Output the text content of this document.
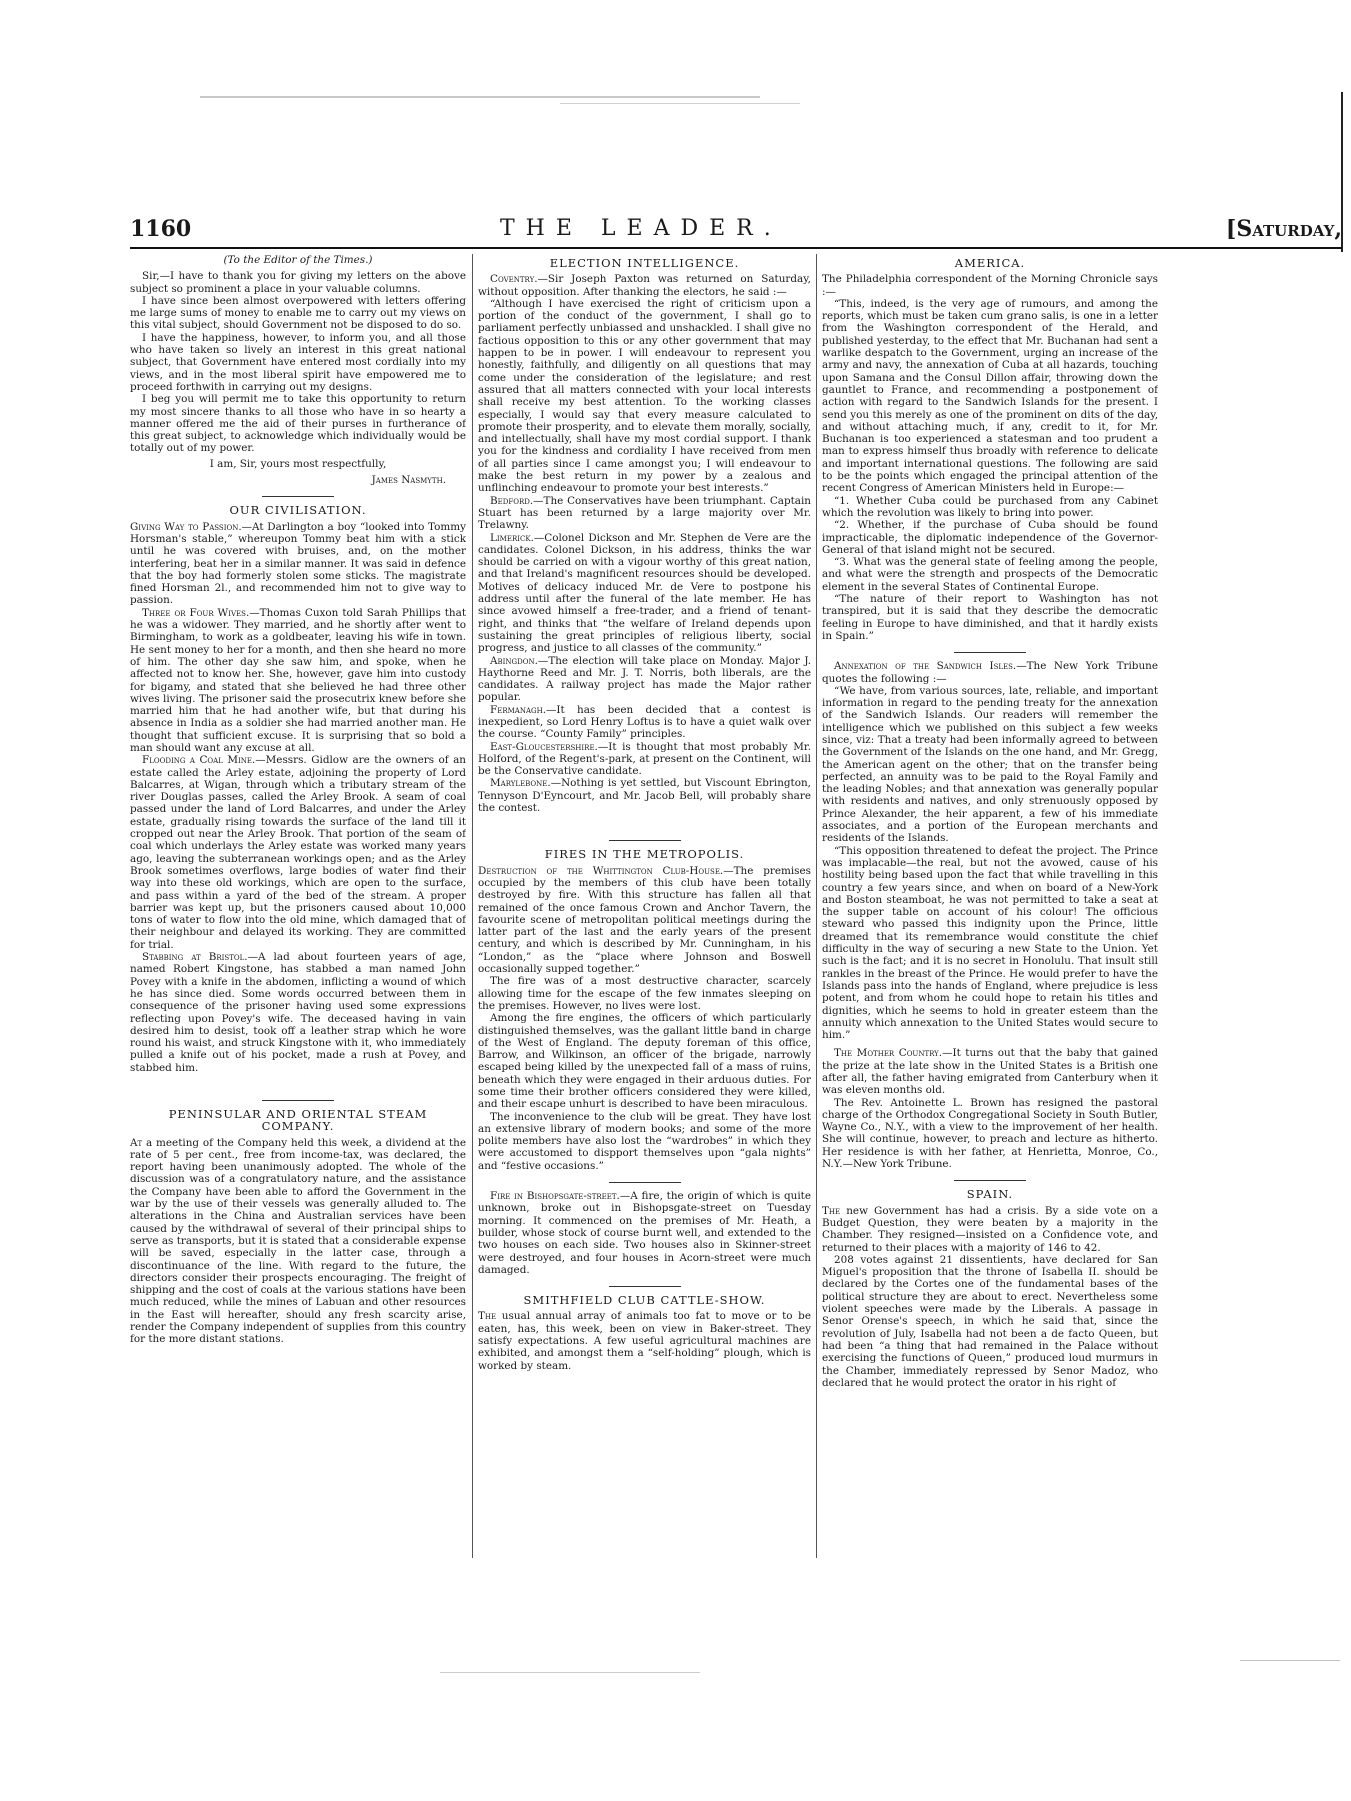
1160	THE LEADER.	[Saturday,
(To the Editor of the Times.)

Sir,—I have to thank you for giving my letters on the above subject so prominent a place in your valuable columns.

I have since been almost overpowered with letters offering me large sums of money to enable me to carry out my views on this vital subject, should Government not be disposed to do so.

I have the happiness, however, to inform you, and all those who have taken so lively an interest in this great national subject, that Government have entered most cordially into my views, and in the most liberal spirit have empowered me to proceed forthwith in carrying out my designs.

I beg you will permit me to take this opportunity to return my most sincere thanks to all those who have in so hearty a manner offered me the aid of their purses in furtherance of this great subject, to acknowledge which individually would be totally out of my power.

I am, Sir, yours most respectfully,
James Nasmyth.
OUR CIVILISATION.

Giving Way to Passion.—At Darlington a boy “looked into Tommy Horsman's stable,” whereupon Tommy beat him with a stick until he was covered with bruises, and, on the mother interfering, beat her in a similar manner. It was said in defence that the boy had formerly stolen some sticks. The magistrate fined Horsman 2l., and recommended him not to give way to passion.

Three or Four Wives.—Thomas Cuxon told Sarah Phillips that he was a widower. They married, and he shortly after went to Birmingham, to work as a goldbeater, leaving his wife in town. He sent money to her for a month, and then she heard no more of him. The other day she saw him, and spoke, when he affected not to know her. She, however, gave him into custody for bigamy, and stated that she believed he had three other wives living. The prisoner said the prosecutrix knew before she married him that he had another wife, but that during his absence in India as a soldier she had married another man. He thought that sufficient excuse. It is surprising that so bold a man should want any excuse at all.

Flooding a Coal Mine.—Messrs. Gidlow are the owners of an estate called the Arley estate, adjoining the property of Lord Balcarres, at Wigan, through which a tributary stream of the river Douglas passes, called the Arley Brook. A seam of coal passed under the land of Lord Balcarres, and under the Arley estate, gradually rising towards the surface of the land till it cropped out near the Arley Brook. That portion of the seam of coal which underlays the Arley estate was worked many years ago, leaving the subterranean workings open; and as the Arley Brook sometimes overflows, large bodies of water find their way into these old workings, which are open to the surface, and pass within a yard of the bed of the stream. A proper barrier was kept up, but the prisoners caused about 10,000 tons of water to flow into the old mine, which damaged that of their neighbour and delayed its working. They are committed for trial.

Stabbing at Bristol.—A lad about fourteen years of age, named Robert Kingstone, has stabbed a man named John Povey with a knife in the abdomen, inflicting a wound of which he has since died. Some words occurred between them in consequence of the prisoner having used some expressions reflecting upon Povey's wife. The deceased having in vain desired him to desist, took off a leather strap which he wore round his waist, and struck Kingstone with it, who immediately pulled a knife out of his pocket, made a rush at Povey, and stabbed him.

PENINSULAR AND ORIENTAL STEAM COMPANY.

At a meeting of the Company held this week, a dividend at the rate of 5 per cent., free from income-tax, was declared, the report having been unanimously adopted. The whole of the discussion was of a congratulatory nature, and the assistance the Company have been able to afford the Government in the war by the use of their vessels was generally alluded to. The alterations in the China and Australian services have been caused by the withdrawal of several of their principal ships to serve as transports, but it is stated that a considerable expense will be saved, especially in the latter case, through a discontinuance of the line. With regard to the future, the directors consider their prospects encouraging. The freight of shipping and the cost of coals at the various stations have been much reduced, while the mines of Labuan and other resources in the East will hereafter, should any fresh scarcity arise, render the Company independent of supplies from this country for the more distant stations.

ELECTION INTELLIGENCE.

Coventry.—Sir Joseph Paxton was returned on Saturday, without opposition. After thanking the electors, he said :—

“Although I have exercised the right of criticism upon a portion of the conduct of the government, I shall go to parliament perfectly unbiassed and unshackled. I shall give no factious opposition to this or any other government that may happen to be in power. I will endeavour to represent you honestly, faithfully, and diligently on all questions that may come under the consideration of the legislature; and rest assured that all matters connected with your local interests shall receive my best attention. To the working classes especially, I would say that every measure calculated to promote their prosperity, and to elevate them morally, socially, and intellectually, shall have my most cordial support. I thank you for the kindness and cordiality I have received from men of all parties since I came amongst you; I will endeavour to make the best return in my power by a zealous and unflinching endeavour to promote your best interests.”

Bedford.—The Conservatives have been triumphant. Captain Stuart has been returned by a large majority over Mr. Trelawny.

Limerick.—Colonel Dickson and Mr. Stephen de Vere are the candidates. Colonel Dickson, in his address, thinks the war should be carried on with a vigour worthy of this great nation, and that Ireland's magnificent resources should be developed. Motives of delicacy induced Mr. de Vere to postpone his address until after the funeral of the late member. He has since avowed himself a free-trader, and a friend of tenant-right, and thinks that “the welfare of Ireland depends upon sustaining the great principles of religious liberty, social progress, and justice to all classes of the community.”

Abingdon.—The election will take place on Monday. Major J. Haythorne Reed and Mr. J. T. Norris, both liberals, are the candidates. A railway project has made the Major rather popular.

Fermanagh.—It has been decided that a contest is inexpedient, so Lord Henry Loftus is to have a quiet walk over the course. “County Family” principles.

East-Gloucestershire.—It is thought that most probably Mr. Holford, of the Regent's-park, at present on the Continent, will be the Conservative candidate.

Marylebone.—Nothing is yet settled, but Viscount Ebrington, Tennyson D'Eyncourt, and Mr. Jacob Bell, will probably share the contest.

FIRES IN THE METROPOLIS.

Destruction of the Whittington Club-House.—The premises occupied by the members of this club have been totally destroyed by fire. With this structure has fallen all that remained of the once famous Crown and Anchor Tavern, the favourite scene of metropolitan political meetings during the latter part of the last and the early years of the present century, and which is described by Mr. Cunningham, in his “London,” as the “place where Johnson and Boswell occasionally supped together.”

The fire was of a most destructive character, scarcely allowing time for the escape of the few inmates sleeping on the premises. However, no lives were lost.

Among the fire engines, the officers of which particularly distinguished themselves, was the gallant little band in charge of the West of England. The deputy foreman of this office, Barrow, and Wilkinson, an officer of the brigade, narrowly escaped being killed by the unexpected fall of a mass of ruins, beneath which they were engaged in their arduous duties. For some time their brother officers considered they were killed, and their escape unhurt is described to have been miraculous.

The inconvenience to the club will be great. They have lost an extensive library of modern books; and some of the more polite members have also lost the “wardrobes” in which they were accustomed to dispport themselves upon “gala nights” and “festive occasions.”

Fire in Bishopsgate-street.—A fire, the origin of which is quite unknown, broke out in Bishopsgate-street on Tuesday morning. It commenced on the premises of Mr. Heath, a builder, whose stock of course burnt well, and extended to the two houses on each side. Two houses also in Skinner-street were destroyed, and four houses in Acorn-street were much damaged.

SMITHFIELD CLUB CATTLE-SHOW.

The usual annual array of animals too fat to move or to be eaten, has, this week, been on view in Baker-street. They satisfy expectations. A few useful agricultural machines are exhibited, and amongst them a “self-holding” plough, which is worked by steam.

AMERICA.

The Philadelphia correspondent of the Morning Chronicle says :—

“This, indeed, is the very age of rumours, and among the reports, which must be taken cum grano salis, is one in a letter from the Washington correspondent of the Herald, and published yesterday, to the effect that Mr. Buchanan had sent a warlike despatch to the Government, urging an increase of the army and navy, the annexation of Cuba at all hazards, touching upon Samana and the Consul Dillon affair, throwing down the gauntlet to France, and recommending a postponement of action with regard to the Sandwich Islands for the present. I send you this merely as one of the prominent on dits of the day, and without attaching much, if any, credit to it, for Mr. Buchanan is too experienced a statesman and too prudent a man to express himself thus broadly with reference to delicate and important international questions. The following are said to be the points which engaged the principal attention of the recent Congress of American Ministers held in Europe:—

“1. Whether Cuba could be purchased from any Cabinet which the revolution was likely to bring into power.

“2. Whether, if the purchase of Cuba should be found impracticable, the diplomatic independence of the Governor-General of that island might not be secured.

“3. What was the general state of feeling among the people, and what were the strength and prospects of the Democratic element in the several States of Continental Europe.

“The nature of their report to Washington has not transpired, but it is said that they describe the democratic feeling in Europe to have diminished, and that it hardly exists in Spain.”

Annexation of the Sandwich Isles.—The New York Tribune quotes the following :—

“We have, from various sources, late, reliable, and important information in regard to the pending treaty for the annexation of the Sandwich Islands. Our readers will remember the intelligence which we published on this subject a few weeks since, viz: That a treaty had been informally agreed to between the Government of the Islands on the one hand, and Mr. Gregg, the American agent on the other; that on the transfer being perfected, an annuity was to be paid to the Royal Family and the leading Nobles; and that annexation was generally popular with residents and natives, and only strenuously opposed by Prince Alexander, the heir apparent, a few of his immediate associates, and a portion of the European merchants and residents of the Islands.

“This opposition threatened to defeat the project. The Prince was implacable—the real, but not the avowed, cause of his hostility being based upon the fact that while travelling in this country a few years since, and when on board of a New-York and Boston steamboat, he was not permitted to take a seat at the supper table on account of his colour! The officious steward who passed this indignity upon the Prince, little dreamed that its remembrance would constitute the chief difficulty in the way of securing a new State to the Union. Yet such is the fact; and it is no secret in Honolulu. That insult still rankles in the breast of the Prince. He would prefer to have the Islands pass into the hands of England, where prejudice is less potent, and from whom he could hope to retain his titles and dignities, which he seems to hold in greater esteem than the annuity which annexation to the United States would secure to him.”

The Mother Country.—It turns out that the baby that gained the prize at the late show in the United States is a British one after all, the father having emigrated from Canterbury when it was eleven months old.

The Rev. Antoinette L. Brown has resigned the pastoral charge of the Orthodox Congregational Society in South Butler, Wayne Co., N.Y., with a view to the improvement of her health. She will continue, however, to preach and lecture as hitherto. Her residence is with her father, at Henrietta, Monroe, Co., N.Y.—New York Tribune.

SPAIN.

The new Government has had a crisis. By a side vote on a Budget Question, they were beaten by a majority in the Chamber. They resigned—insisted on a Confidence vote, and returned to their places with a majority of 146 to 42.

208 votes against 21 dissentients, have declared for San Miguel's proposition that the throne of Isabella II. should be declared by the Cortes one of the fundamental bases of the political structure they are about to erect. Nevertheless some violent speeches were made by the Liberals. A passage in Senor Orense's speech, in which he said that, since the revolution of July, Isabella had not been a de facto Queen, but had been “a thing that had remained in the Palace without exercising the functions of Queen,” produced loud murmurs in the Chamber, immediately repressed by Senor Madoz, who declared that he would protect the orator in his right of
